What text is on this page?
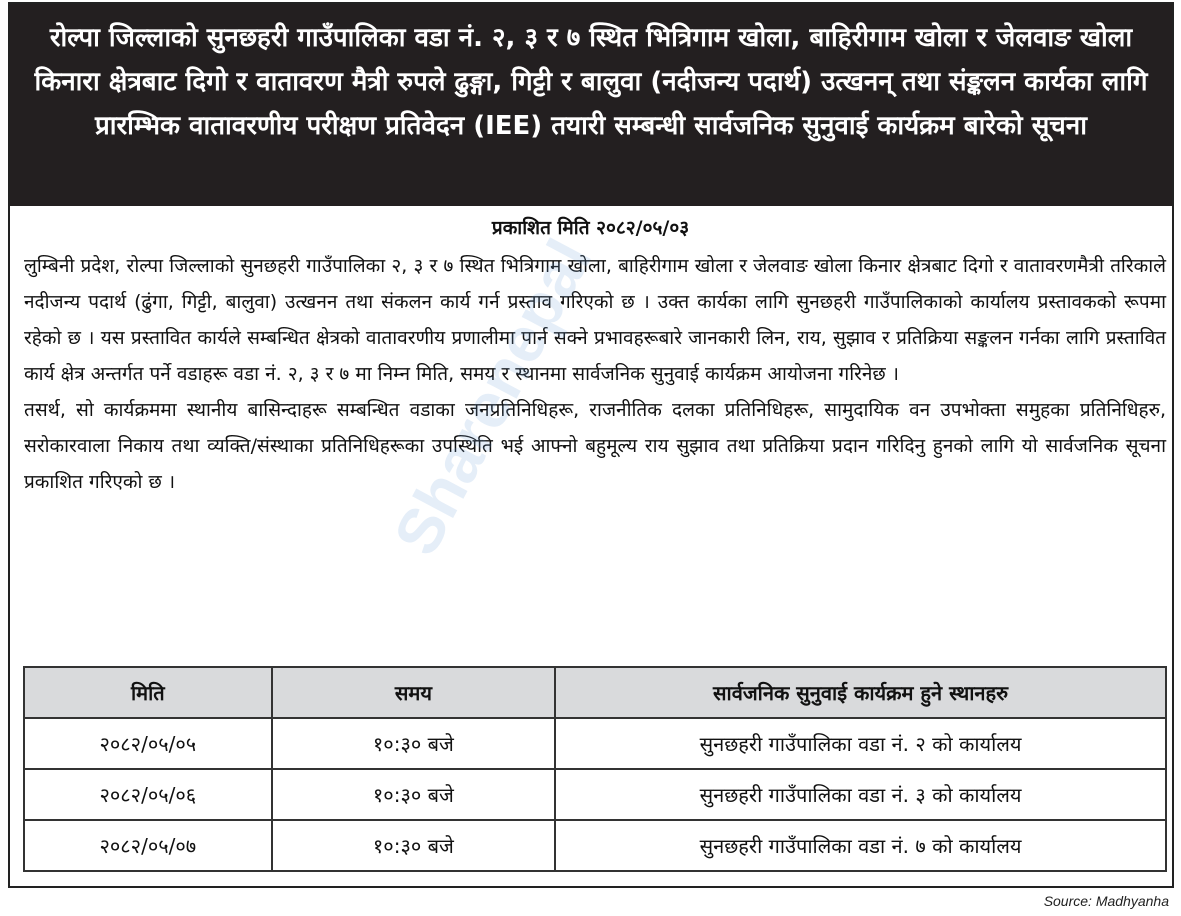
रोल्पा जिल्लाको सुनछहरी गाउँपालिका वडा नं. २, ३ र ७ स्थित भित्रिगाम खोला, बाहिरीगाम खोला र जेलवाङ खोला किनारा क्षेत्रबाट दिगो र वातावरण मैत्री रुपले ढुङ्गा, गिट्टी र बालुवा (नदीजन्य पदार्थ) उत्खनन् तथा संङ्कलन कार्यका लागि प्रारम्भिक वातावरणीय परीक्षण प्रतिवेदन (IEE) तयारी सम्बन्धी सार्वजनिक सुनुवाई कार्यक्रम बारेको सूचना
प्रकाशित मिति २०८२/०५/०३

लुम्बिनी प्रदेश, रोल्पा जिल्लाको सुनछहरी गाउँपालिका २, ३ र ७ स्थित भित्रिगाम खोला, बाहिरीगाम खोला र जेलवाङ खोला किनार क्षेत्रबाट दिगो र वातावरणमैत्री तरिकाले नदीजन्य पदार्थ (ढुंगा, गिट्टी, बालुवा) उत्खनन तथा संकलन कार्य गर्न प्रस्ताव गरिएको छ । उक्त कार्यका लागि सुनछहरी गाउँपालिकाको कार्यालय प्रस्तावकको रूपमा रहेको छ । यस प्रस्तावित कार्यले सम्बन्धित क्षेत्रको वातावरणीय प्रणालीमा पार्न सक्ने प्रभावहरूबारे जानकारी लिन, राय, सुझाव र प्रतिक्रिया सङ्कलन गर्नका लागि प्रस्तावित कार्य क्षेत्र अन्तर्गत पर्ने वडाहरू वडा नं. २, ३ र ७ मा निम्न मिति, समय र स्थानमा सार्वजनिक सुनुवाई कार्यक्रम आयोजना गरिनेछ ।

तसर्थ, सो कार्यक्रममा स्थानीय बासिन्दाहरू सम्बन्धित वडाका जनप्रतिनिधिहरू, राजनीतिक दलका प्रतिनिधिहरू, सामुदायिक वन उपभोक्ता समुहका प्रतिनिधिहरु, सरोकारवाला निकाय तथा व्यक्ति/संस्थाका प्रतिनिधिहरूका उपस्थिति भई आफ्नो बहुमूल्य राय सुझाव तथा प्रतिक्रिया प्रदान गरिदिनु हुनको लागि यो सार्वजनिक सूचना प्रकाशित गरिएको छ ।

मिति	समय	सार्वजनिक सुनुवाई कार्यक्रम हुने स्थानहरु
२०८२/०५/०५	१०:३० बजे	सुनछहरी गाउँपालिका वडा नं. २ को कार्यालय
२०८२/०५/०६	१०:३० बजे	सुनछहरी गाउँपालिका वडा नं. ३ को कार्यालय
२०८२/०५/०७	१०:३० बजे	सुनछहरी गाउँपालिका वडा नं. ७ को कार्यालय
Sharenepal
Source: Madhyanha
